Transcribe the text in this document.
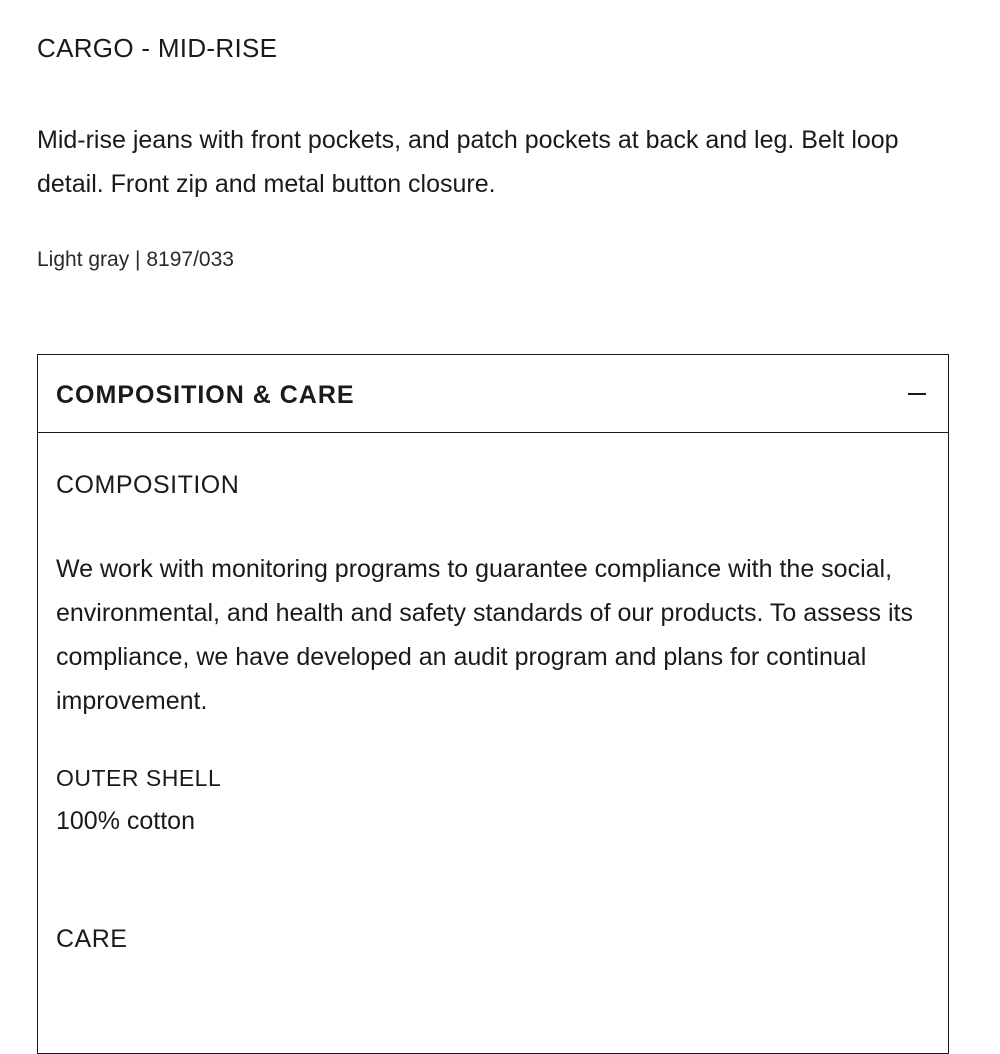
CARGO - MID-RISE

Mid-rise jeans with front pockets, and patch pockets at back and leg. Belt loop detail. Front zip and metal button closure.

Light gray | 8197/033

COMPOSITION & CARE
COMPOSITION
We work with monitoring programs to guarantee compliance with the social, environmental, and health and safety standards of our products. To assess its compliance, we have developed an audit program and plans for continual improvement.
OUTER SHELL
100% cotton
CARE
